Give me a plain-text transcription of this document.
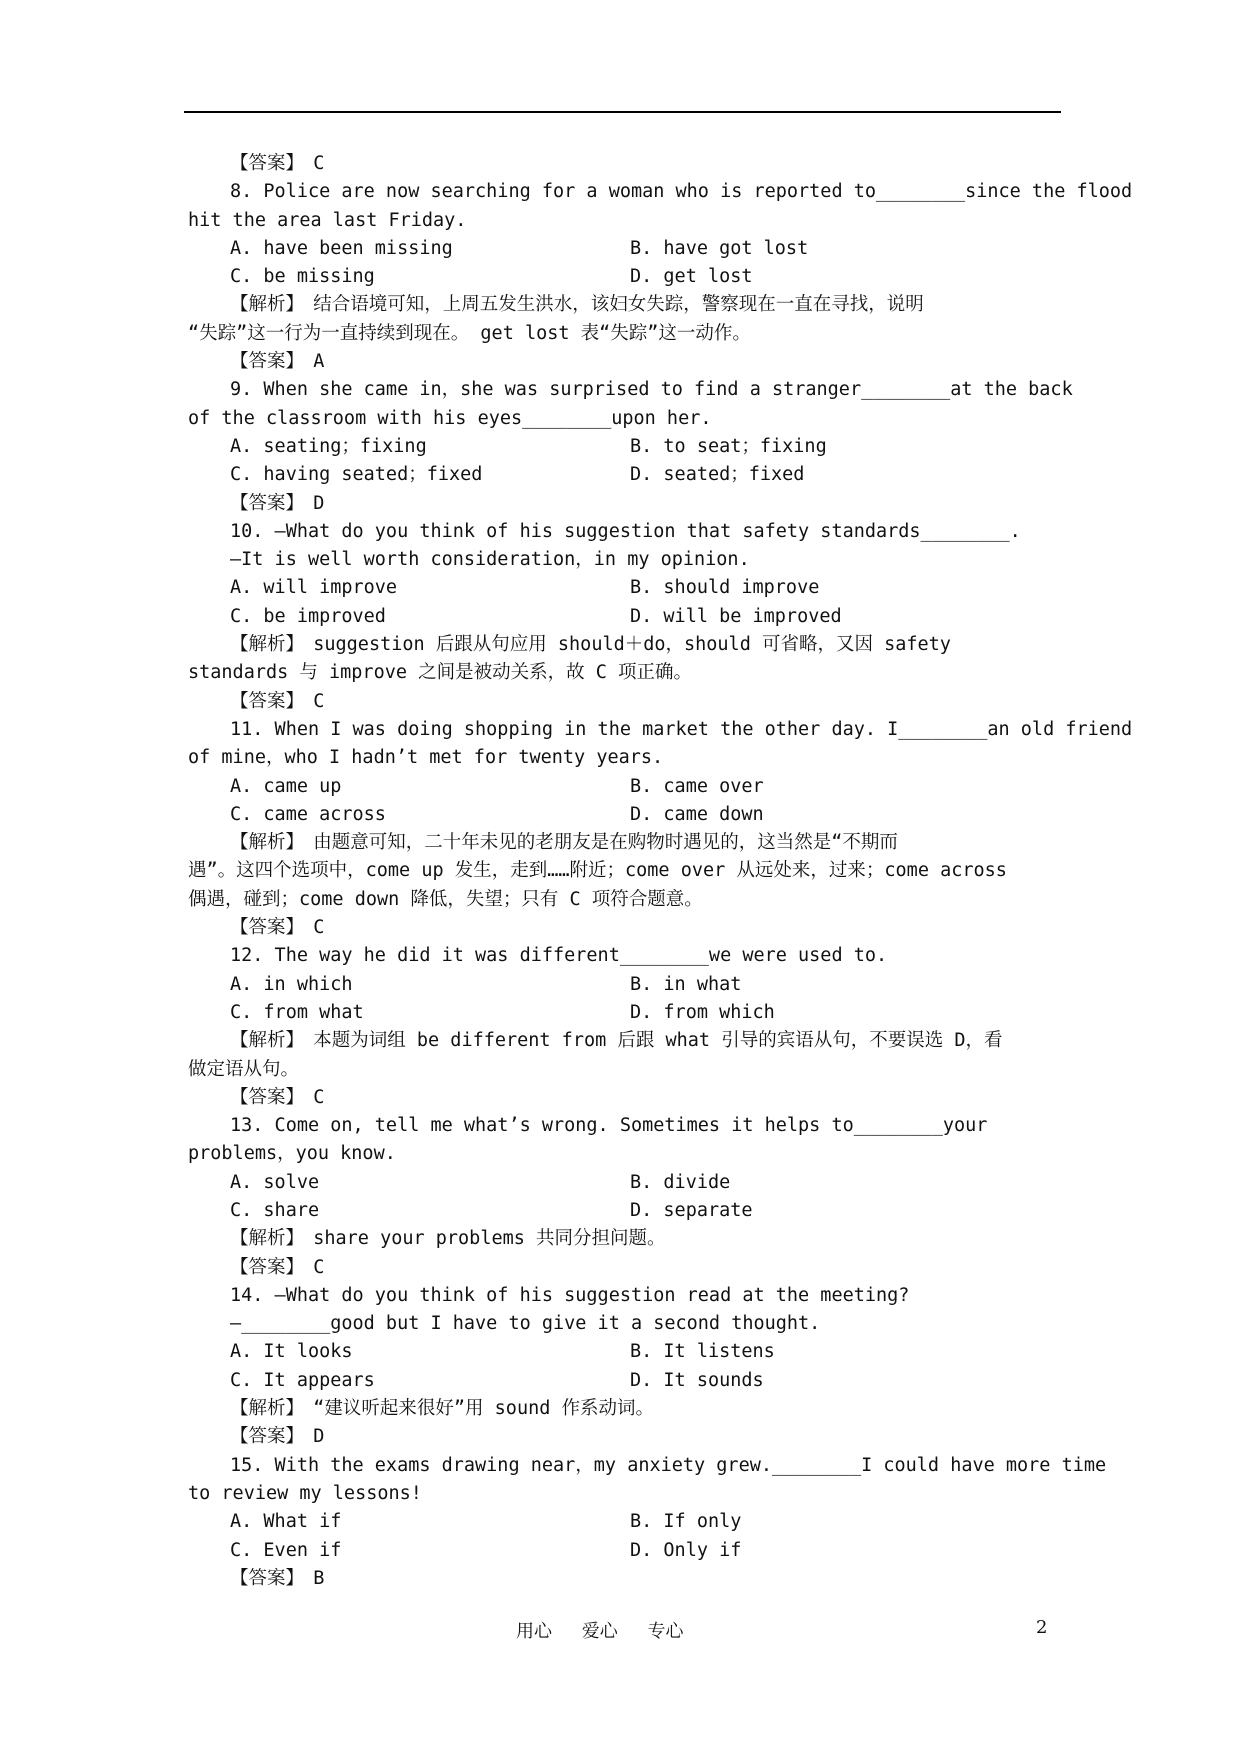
【答案】　C
8. Police are now searching for a woman who is reported to________since the flood
hit the area last Friday.
A. have been missing	B. have got lost
C. be missing	D. get lost
【解析】　结合语境可知，上周五发生洪水，该妇女失踪，警察现在一直在寻找，说明
“失踪”这一行为一直持续到现在。 get lost 表“失踪”这一动作。
【答案】　A
9. When she came in，she was surprised to find a stranger________at the back
of the classroom with his eyes________upon her.
A. seating；fixing	B. to seat；fixing
C. having seated；fixed	D. seated；fixed
【答案】　D
10. —What do you think of his suggestion that safety standards________.
—It is well worth consideration，in my opinion.
A. will improve	B. should improve
C. be improved	D. will be improved
【解析】　suggestion 后跟从句应用 should＋do，should 可省略，又因 safety
standards 与 improve 之间是被动关系，故 C 项正确。
【答案】　C
11. When I was doing shopping in the market the other day. I________an old friend
of mine，who I hadn’t met for twenty years.
A. came up	B. came over
C. came across	D. came down
【解析】　由题意可知，二十年未见的老朋友是在购物时遇见的，这当然是“不期而
遇”。这四个选项中，come up 发生，走到……附近；come over 从远处来，过来；come across
偶遇，碰到；come down 降低，失望；只有 C 项符合题意。
【答案】　C
12. The way he did it was different________we were used to.
A. in which	B. in what
C. from what	D. from which
【解析】　本题为词组 be different from 后跟 what 引导的宾语从句，不要误选 D，看
做定语从句。
【答案】　C
13. Come on, tell me what’s wrong. Sometimes it helps to________your
problems，you know.
A. solve	B. divide
C. share	D. separate
【解析】　share your problems 共同分担问题。
【答案】　C
14. —What do you think of his suggestion read at the meeting?
—________good but I have to give it a second thought.
A. It looks	B. It listens
C. It appears	D. It sounds
【解析】　“建议听起来很好”用 sound 作系动词。
【答案】　D
15. With the exams drawing near，my anxiety grew.________I could have more time
to review my lessons!
A. What if	B. If only
C. Even if	D. Only if
【答案】　B
用心 爱心 专心	2
